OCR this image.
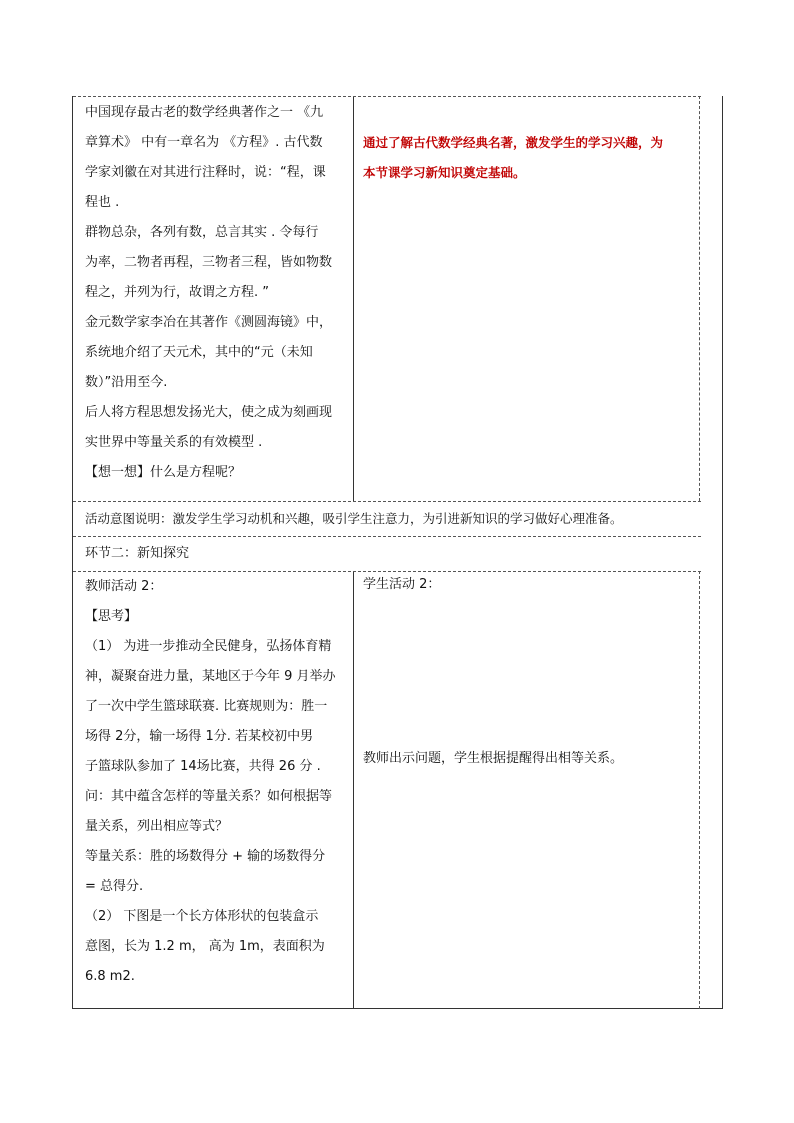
中国现存最古老的数学经典著作之一 《九

章算术》 中有一章名为 《方程》. 古代数

学家刘徽在对其进行注释时，说：“程，课

程也 .

群物总杂，各列有数，总言其实 . 令每行

为率，二物者再程，三物者三程，皆如物数

程之，并列为行，故谓之方程. ”

金元数学家李冶在其著作《测圆海镜》中，

系统地介绍了天元术，其中的“元（未知

数）”沿用至今.

后人将方程思想发扬光大，使之成为刻画现

实世界中等量关系的有效模型 .

【想一想】什么是方程呢？

通过了解古代数学经典名著，激发学生的学习兴趣，为

本节课学习新知识奠定基础。

活动意图说明：激发学生学习动机和兴趣，吸引学生注意力，为引进新知识的学习做好心理准备。
环节二：新知探究

教师活动 2：

【思考】

（1） 为进一步推动全民健身，弘扬体育精

神，凝聚奋进力量，某地区于今年 9 月举办

了一次中学生篮球联赛. 比赛规则为：胜一

场得 2分，输一场得 1分. 若某校初中男

子篮球队参加了 14场比赛，共得 26 分 .

问：其中蕴含怎样的等量关系？如何根据等

量关系，列出相应等式？

等量关系：胜的场数得分 + 输的场数得分

= 总得分.

（2） 下图是一个长方体形状的包装盒示

意图，长为 1.2 m， 高为 1m，表面积为

6.8 m2.

学生活动 2：
教师出示问题，学生根据提醒得出相等关系。
